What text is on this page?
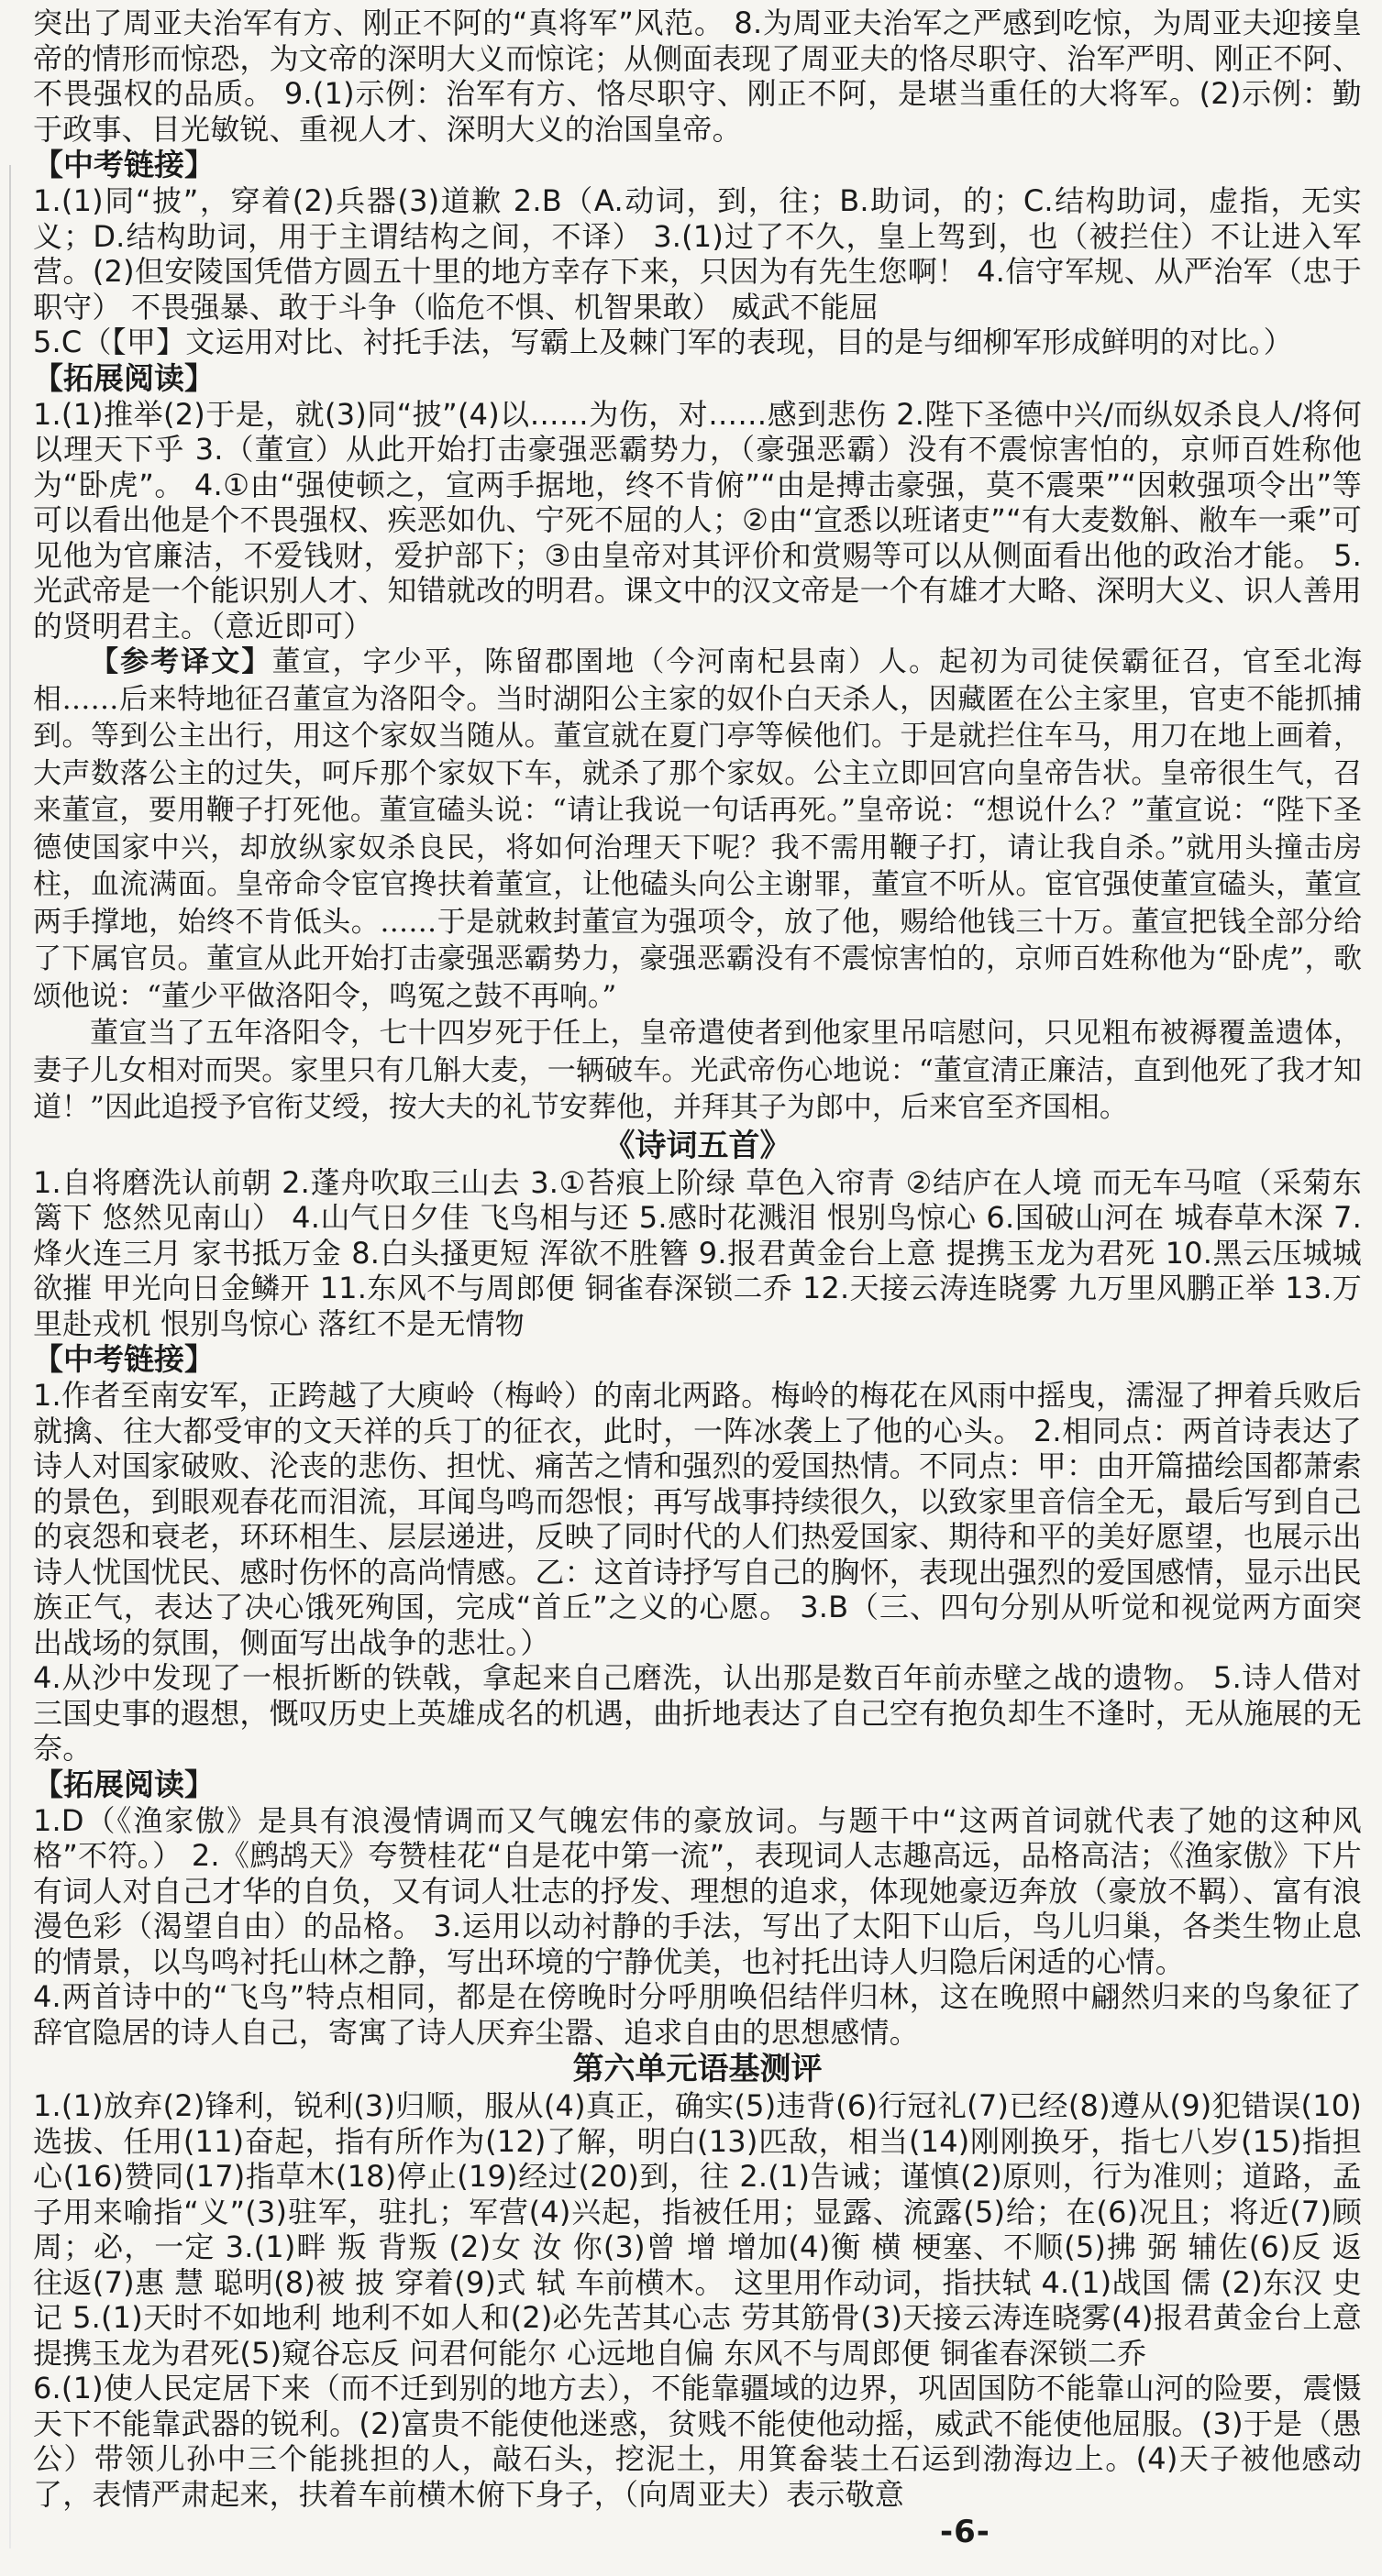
突出了周亚夫治军有方、刚正不阿的“真将军”风范。 8.为周亚夫治军之严感到吃惊，为周亚夫迎接皇帝的情形而惊恐，为文帝的深明大义而惊诧；从侧面表现了周亚夫的恪尽职守、治军严明、刚正不阿、不畏强权的品质。 9.(1)示例：治军有方、恪尽职守、刚正不阿，是堪当重任的大将军。(2)示例：勤于政事、目光敏锐、重视人才、深明大义的治国皇帝。

【中考链接】

1.(1)同“披”，穿着(2)兵器(3)道歉 2.B（A.动词，到，往；B.助词，的；C.结构助词，虚指，无实义；D.结构助词，用于主谓结构之间，不译） 3.(1)过了不久，皇上驾到，也（被拦住）不让进入军营。(2)但安陵国凭借方圆五十里的地方幸存下来，只因为有先生您啊！ 4.信守军规、从严治军（忠于职守） 不畏强暴、敢于斗争（临危不惧、机智果敢） 威武不能屈

5.C（【甲】文运用对比、衬托手法，写霸上及棘门军的表现，目的是与细柳军形成鲜明的对比。）

【拓展阅读】

1.(1)推举(2)于是，就(3)同“披”(4)以……为伤，对……感到悲伤 2.陛下圣德中兴/而纵奴杀良人/将何以理天下乎 3.（董宣）从此开始打击豪强恶霸势力，（豪强恶霸）没有不震惊害怕的，京师百姓称他为“卧虎”。 4.①由“强使顿之，宣两手据地，终不肯俯”“由是搏击豪强，莫不震栗”“因敕强项令出”等可以看出他是个不畏强权、疾恶如仇、宁死不屈的人；②由“宣悉以班诸吏”“有大麦数斛、敝车一乘”可见他为官廉洁，不爱钱财，爱护部下；③由皇帝对其评价和赏赐等可以从侧面看出他的政治才能。 5.光武帝是一个能识别人才、知错就改的明君。课文中的汉文帝是一个有雄才大略、深明大义、识人善用的贤明君主。（意近即可）

【参考译文】董宣，字少平，陈留郡圉地（今河南杞县南）人。起初为司徒侯霸征召，官至北海相……后来特地征召董宣为洛阳令。当时湖阳公主家的奴仆白天杀人，因藏匿在公主家里，官吏不能抓捕到。等到公主出行，用这个家奴当随从。董宣就在夏门亭等候他们。于是就拦住车马，用刀在地上画着，大声数落公主的过失，呵斥那个家奴下车，就杀了那个家奴。公主立即回宫向皇帝告状。皇帝很生气，召来董宣，要用鞭子打死他。董宣磕头说：“请让我说一句话再死。”皇帝说：“想说什么？”董宣说：“陛下圣德使国家中兴，却放纵家奴杀良民，将如何治理天下呢？我不需用鞭子打，请让我自杀。”就用头撞击房柱，血流满面。皇帝命令宦官搀扶着董宣，让他磕头向公主谢罪，董宣不听从。宦官强使董宣磕头，董宣两手撑地，始终不肯低头。……于是就敕封董宣为强项令，放了他，赐给他钱三十万。董宣把钱全部分给了下属官员。董宣从此开始打击豪强恶霸势力，豪强恶霸没有不震惊害怕的，京师百姓称他为“卧虎”，歌颂他说：“董少平做洛阳令，鸣冤之鼓不再响。”

董宣当了五年洛阳令，七十四岁死于任上，皇帝遣使者到他家里吊唁慰问，只见粗布被褥覆盖遗体，妻子儿女相对而哭。家里只有几斛大麦，一辆破车。光武帝伤心地说：“董宣清正廉洁，直到他死了我才知道！”因此追授予官衔艾绶，按大夫的礼节安葬他，并拜其子为郎中，后来官至齐国相。

《诗词五首》

1.自将磨洗认前朝 2.蓬舟吹取三山去 3.①苔痕上阶绿 草色入帘青 ②结庐在人境 而无车马喧（采菊东篱下 悠然见南山） 4.山气日夕佳 飞鸟相与还 5.感时花溅泪 恨别鸟惊心 6.国破山河在 城春草木深 7.烽火连三月 家书抵万金 8.白头搔更短 浑欲不胜簪 9.报君黄金台上意 提携玉龙为君死 10.黑云压城城欲摧 甲光向日金鳞开 11.东风不与周郎便 铜雀春深锁二乔 12.天接云涛连晓雾 九万里风鹏正举 13.万里赴戎机 恨别鸟惊心 落红不是无情物

【中考链接】

1.作者至南安军，正跨越了大庾岭（梅岭）的南北两路。梅岭的梅花在风雨中摇曳，濡湿了押着兵败后就擒、往大都受审的文天祥的兵丁的征衣，此时，一阵冰袭上了他的心头。 2.相同点：两首诗表达了诗人对国家破败、沦丧的悲伤、担忧、痛苦之情和强烈的爱国热情。不同点：甲：由开篇描绘国都萧索的景色，到眼观春花而泪流，耳闻鸟鸣而怨恨；再写战事持续很久，以致家里音信全无，最后写到自己的哀怨和衰老，环环相生、层层递进，反映了同时代的人们热爱国家、期待和平的美好愿望，也展示出诗人忧国忧民、感时伤怀的高尚情感。乙：这首诗抒写自己的胸怀，表现出强烈的爱国感情，显示出民族正气，表达了决心饿死殉国，完成“首丘”之义的心愿。 3.B（三、四句分别从听觉和视觉两方面突出战场的氛围，侧面写出战争的悲壮。）

4.从沙中发现了一根折断的铁戟，拿起来自己磨洗，认出那是数百年前赤壁之战的遗物。 5.诗人借对三国史事的遐想，慨叹历史上英雄成名的机遇，曲折地表达了自己空有抱负却生不逢时，无从施展的无奈。

【拓展阅读】

1.D（《渔家傲》是具有浪漫情调而又气魄宏伟的豪放词。与题干中“这两首词就代表了她的这种风格”不符。） 2.《鹧鸪天》夸赞桂花“自是花中第一流”，表现词人志趣高远，品格高洁；《渔家傲》下片有词人对自己才华的自负，又有词人壮志的抒发、理想的追求，体现她豪迈奔放（豪放不羁）、富有浪漫色彩（渴望自由）的品格。 3.运用以动衬静的手法，写出了太阳下山后，鸟儿归巢，各类生物止息的情景，以鸟鸣衬托山林之静，写出环境的宁静优美，也衬托出诗人归隐后闲适的心情。

4.两首诗中的“飞鸟”特点相同，都是在傍晚时分呼朋唤侣结伴归林，这在晚照中翩然归来的鸟象征了辞官隐居的诗人自己，寄寓了诗人厌弃尘嚣、追求自由的思想感情。

第六单元语基测评

1.(1)放弃(2)锋利，锐利(3)归顺，服从(4)真正，确实(5)违背(6)行冠礼(7)已经(8)遵从(9)犯错误(10)选拔、任用(11)奋起，指有所作为(12)了解，明白(13)匹敌，相当(14)刚刚换牙，指七八岁(15)指担心(16)赞同(17)指草木(18)停止(19)经过(20)到，往 2.(1)告诫；谨慎(2)原则，行为准则；道路，孟子用来喻指“义”(3)驻军，驻扎；军营(4)兴起，指被任用；显露、流露(5)给；在(6)况且；将近(7)顾周；必，一定 3.(1)畔 叛 背叛 (2)女 汝 你(3)曾 增 增加(4)衡 横 梗塞、不顺(5)拂 弼 辅佐(6)反 返 往返(7)惠 慧 聪明(8)被 披 穿着(9)式 轼 车前横木。 这里用作动词，指扶轼 4.(1)战国 儒 (2)东汉 史记 5.(1)天时不如地利 地利不如人和(2)必先苦其心志 劳其筋骨(3)天接云涛连晓雾(4)报君黄金台上意 提携玉龙为君死(5)窥谷忘反 问君何能尔 心远地自偏 东风不与周郎便 铜雀春深锁二乔

6.(1)使人民定居下来（而不迁到别的地方去），不能靠疆域的边界，巩固国防不能靠山河的险要，震慑天下不能靠武器的锐利。(2)富贵不能使他迷惑，贫贱不能使他动摇，威武不能使他屈服。(3)于是（愚公）带领儿孙中三个能挑担的人，敲石头，挖泥土，用箕畚装土石运到渤海边上。(4)天子被他感动了，表情严肃起来，扶着车前横木俯下身子，（向周亚夫）表示敬意

-6-
